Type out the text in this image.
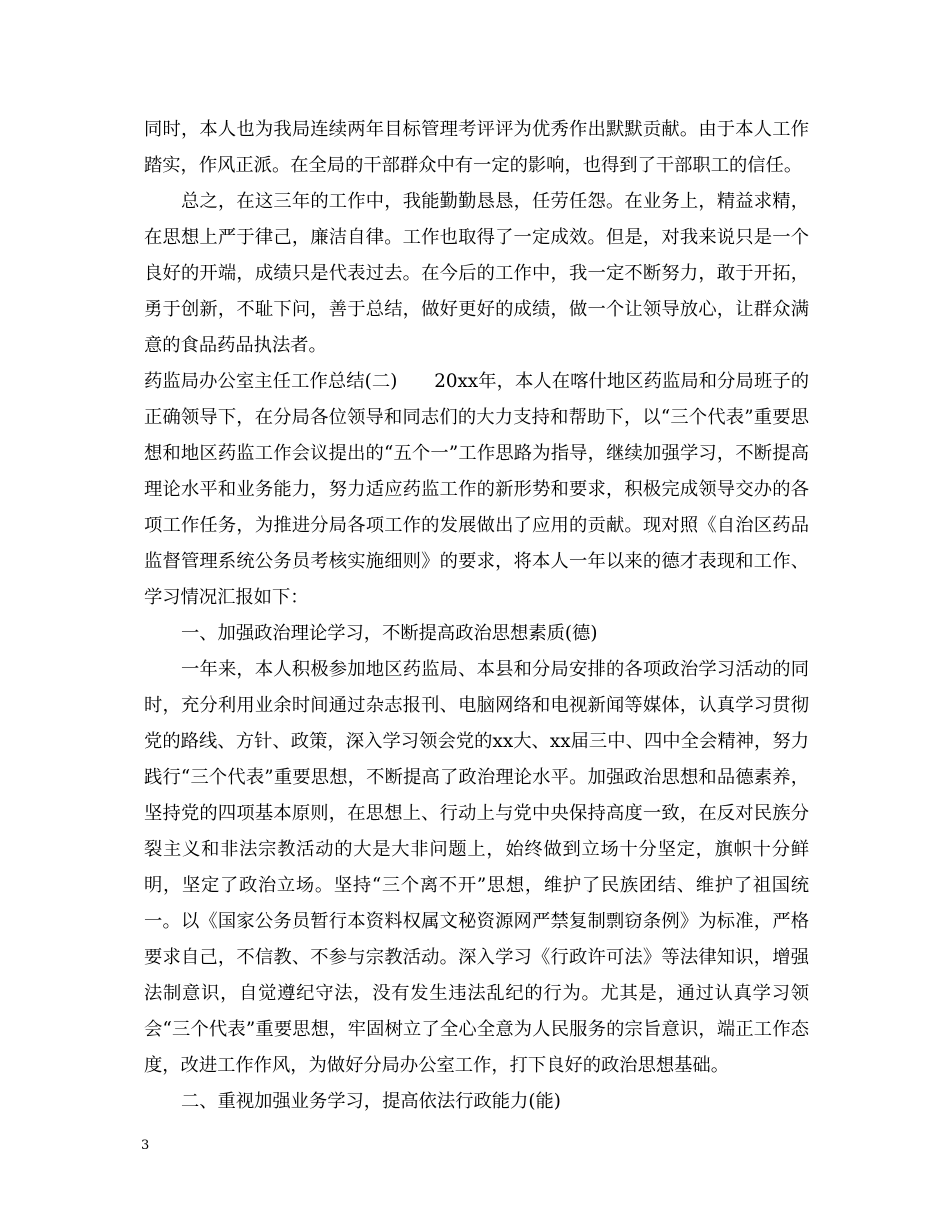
同时，本人也为我局连续两年目标管理考评评为优秀作出默默贡献。由于本人工作踏实，作风正派。在全局的干部群众中有一定的影响，也得到了干部职工的信任。

总之，在这三年的工作中，我能勤勤恳恳，任劳任怨。在业务上，精益求精，在思想上严于律己，廉洁自律。工作也取得了一定成效。但是，对我来说只是一个良好的开端，成绩只是代表过去。在今后的工作中，我一定不断努力，敢于开拓，勇于创新，不耻下问，善于总结，做好更好的成绩，做一个让领导放心，让群众满意的食品药品执法者。

药监局办公室主任工作总结(二)　　20xx年，本人在喀什地区药监局和分局班子的正确领导下，在分局各位领导和同志们的大力支持和帮助下，以“三个代表”重要思想和地区药监工作会议提出的“五个一”工作思路为指导，继续加强学习，不断提高理论水平和业务能力，努力适应药监工作的新形势和要求，积极完成领导交办的各项工作任务，为推进分局各项工作的发展做出了应用的贡献。现对照《自治区药品监督管理系统公务员考核实施细则》的要求，将本人一年以来的德才表现和工作、学习情况汇报如下：

一、加强政治理论学习，不断提高政治思想素质(德)

一年来，本人积极参加地区药监局、本县和分局安排的各项政治学习活动的同时，充分利用业余时间通过杂志报刊、电脑网络和电视新闻等媒体，认真学习贯彻党的路线、方针、政策，深入学习领会党的xx大、xx届三中、四中全会精神，努力践行“三个代表”重要思想，不断提高了政治理论水平。加强政治思想和品德素养，坚持党的四项基本原则，在思想上、行动上与党中央保持高度一致，在反对民族分裂主义和非法宗教活动的大是大非问题上，始终做到立场十分坚定，旗帜十分鲜明，坚定了政治立场。坚持“三个离不开”思想，维护了民族团结、维护了祖国统一。以《国家公务员暂行本资料权属文秘资源网严禁复制剽窃条例》为标准，严格要求自己，不信教、不参与宗教活动。深入学习《行政许可法》等法律知识，增强法制意识，自觉遵纪守法，没有发生违法乱纪的行为。尤其是，通过认真学习领会“三个代表”重要思想，牢固树立了全心全意为人民服务的宗旨意识，端正工作态度，改进工作作风，为做好分局办公室工作，打下良好的政治思想基础。

二、重视加强业务学习，提高依法行政能力(能)

3
